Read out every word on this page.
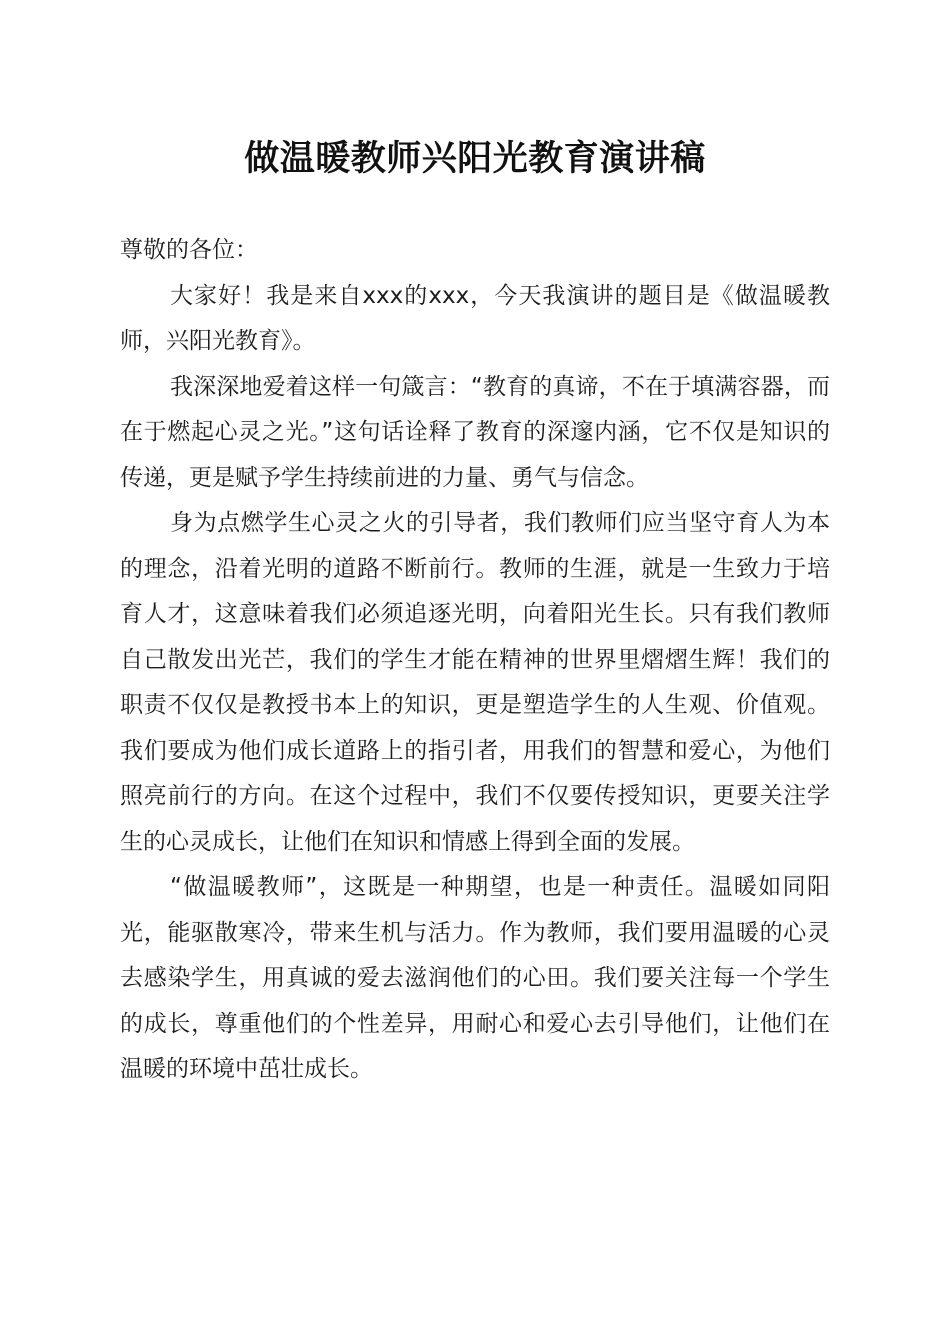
做温暖教师兴阳光教育演讲稿

尊敬的各位：

大家好！我是来自xxx的xxx，今天我演讲的题目是《做温暖教师，兴阳光教育》。

我深深地爱着这样一句箴言：“教育的真谛，不在于填满容器，而在于燃起心灵之光。”这句话诠释了教育的深邃内涵，它不仅是知识的传递，更是赋予学生持续前进的力量、勇气与信念。

身为点燃学生心灵之火的引导者，我们教师们应当坚守育人为本的理念，沿着光明的道路不断前行。教师的生涯，就是一生致力于培育人才，这意味着我们必须追逐光明，向着阳光生长。只有我们教师自己散发出光芒，我们的学生才能在精神的世界里熠熠生辉！我们的职责不仅仅是教授书本上的知识，更是塑造学生的人生观、价值观。我们要成为他们成长道路上的指引者，用我们的智慧和爱心，为他们照亮前行的方向。在这个过程中，我们不仅要传授知识，更要关注学生的心灵成长，让他们在知识和情感上得到全面的发展。

“做温暖教师”，这既是一种期望，也是一种责任。温暖如同阳光，能驱散寒冷，带来生机与活力。作为教师，我们要用温暖的心灵去感染学生，用真诚的爱去滋润他们的心田。我们要关注每一个学生的成长，尊重他们的个性差异，用耐心和爱心去引导他们，让他们在温暖的环境中茁壮成长。
